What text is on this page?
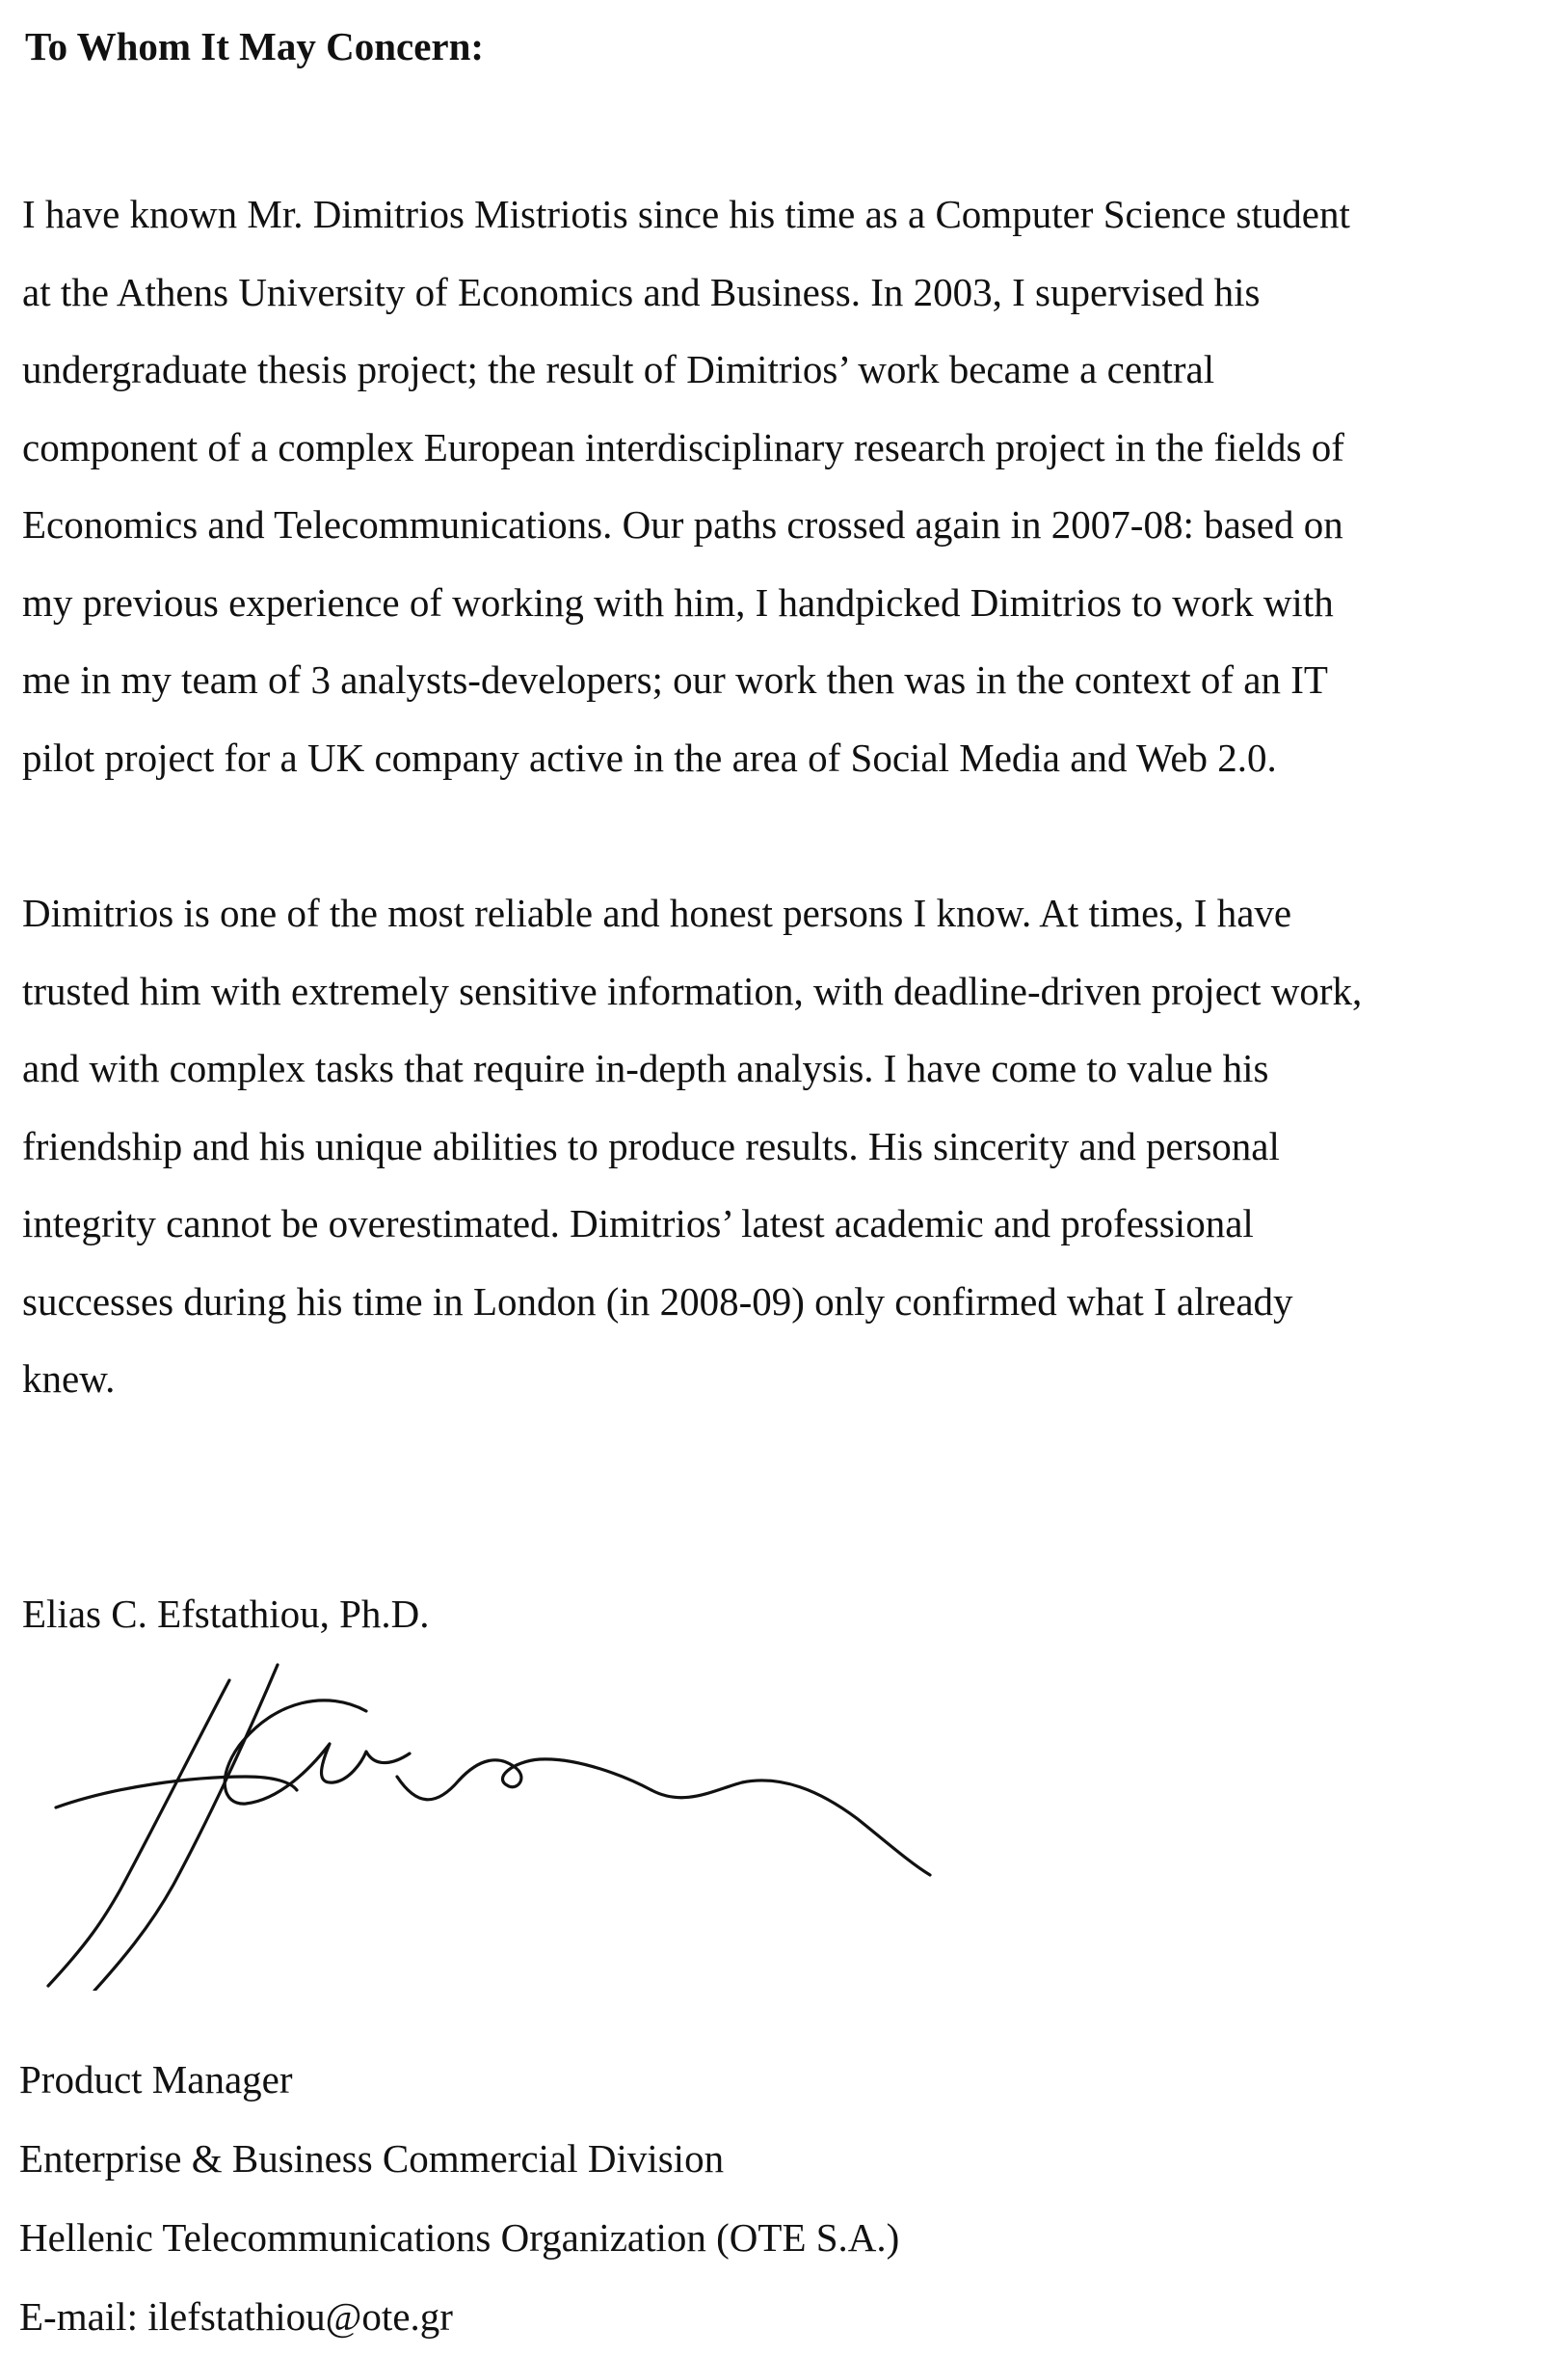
To Whom It May Concern:
I have known Mr. Dimitrios Mistriotis since his time as a Computer Science student
at the Athens University of Economics and Business. In 2003, I supervised his
undergraduate thesis project; the result of Dimitrios’ work became a central
component of a complex European interdisciplinary research project in the fields of
Economics and Telecommunications. Our paths crossed again in 2007-08: based on
my previous experience of working with him, I handpicked Dimitrios to work with
me in my team of 3 analysts-developers; our work then was in the context of an IT
pilot project for a UK company active in the area of Social Media and Web 2.0.
Dimitrios is one of the most reliable and honest persons I know. At times, I have
trusted him with extremely sensitive information, with deadline-driven project work,
and with complex tasks that require in-depth analysis. I have come to value his
friendship and his unique abilities to produce results. His sincerity and personal
integrity cannot be overestimated. Dimitrios’ latest academic and professional
successes during his time in London (in 2008-09) only confirmed what I already
knew.
Elias C. Efstathiou, Ph.D.
Product Manager
Enterprise & Business Commercial Division
Hellenic Telecommunications Organization (OTE S.A.)
E-mail: ilefstathiou@ote.gr
